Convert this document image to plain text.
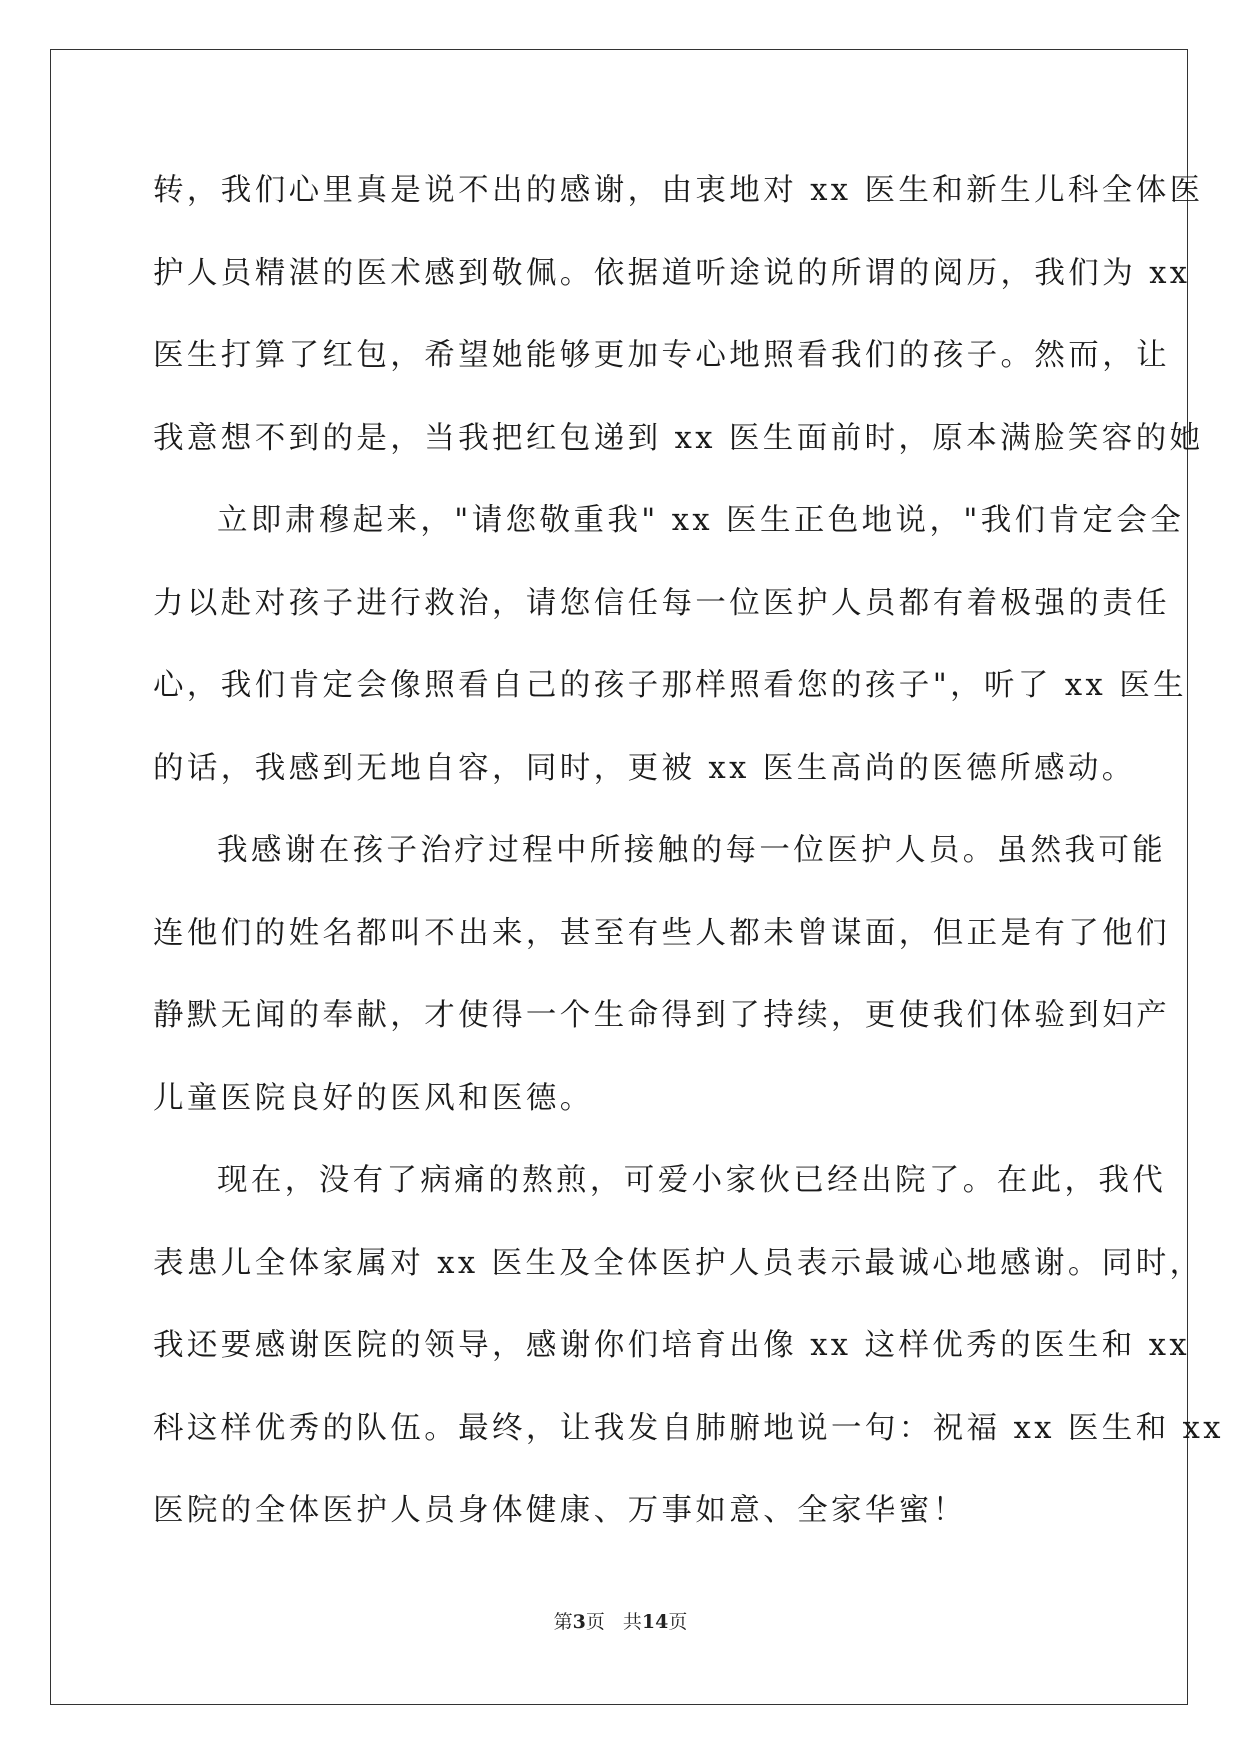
转，我们心里真是说不出的感谢，由衷地对 xx 医生和新生儿科全体医
护人员精湛的医术感到敬佩。依据道听途说的所谓的阅历，我们为 xx
医生打算了红包，希望她能够更加专心地照看我们的孩子。然而，让
我意想不到的是，当我把红包递到 xx 医生面前时，原本满脸笑容的她
立即肃穆起来，"请您敬重我" xx 医生正色地说，"我们肯定会全
力以赴对孩子进行救治，请您信任每一位医护人员都有着极强的责任
心，我们肯定会像照看自己的孩子那样照看您的孩子"，听了 xx 医生
的话，我感到无地自容，同时，更被 xx 医生高尚的医德所感动。
我感谢在孩子治疗过程中所接触的每一位医护人员。虽然我可能
连他们的姓名都叫不出来，甚至有些人都未曾谋面，但正是有了他们
静默无闻的奉献，才使得一个生命得到了持续，更使我们体验到妇产
儿童医院良好的医风和医德。
现在，没有了病痛的熬煎，可爱小家伙已经出院了。在此，我代
表患儿全体家属对 xx 医生及全体医护人员表示最诚心地感谢。同时，
我还要感谢医院的领导，感谢你们培育出像 xx 这样优秀的医生和 xx
科这样优秀的队伍。最终，让我发自肺腑地说一句：祝福 xx 医生和 xx
医院的全体医护人员身体健康、万事如意、全家华蜜！
第3页 共14页
